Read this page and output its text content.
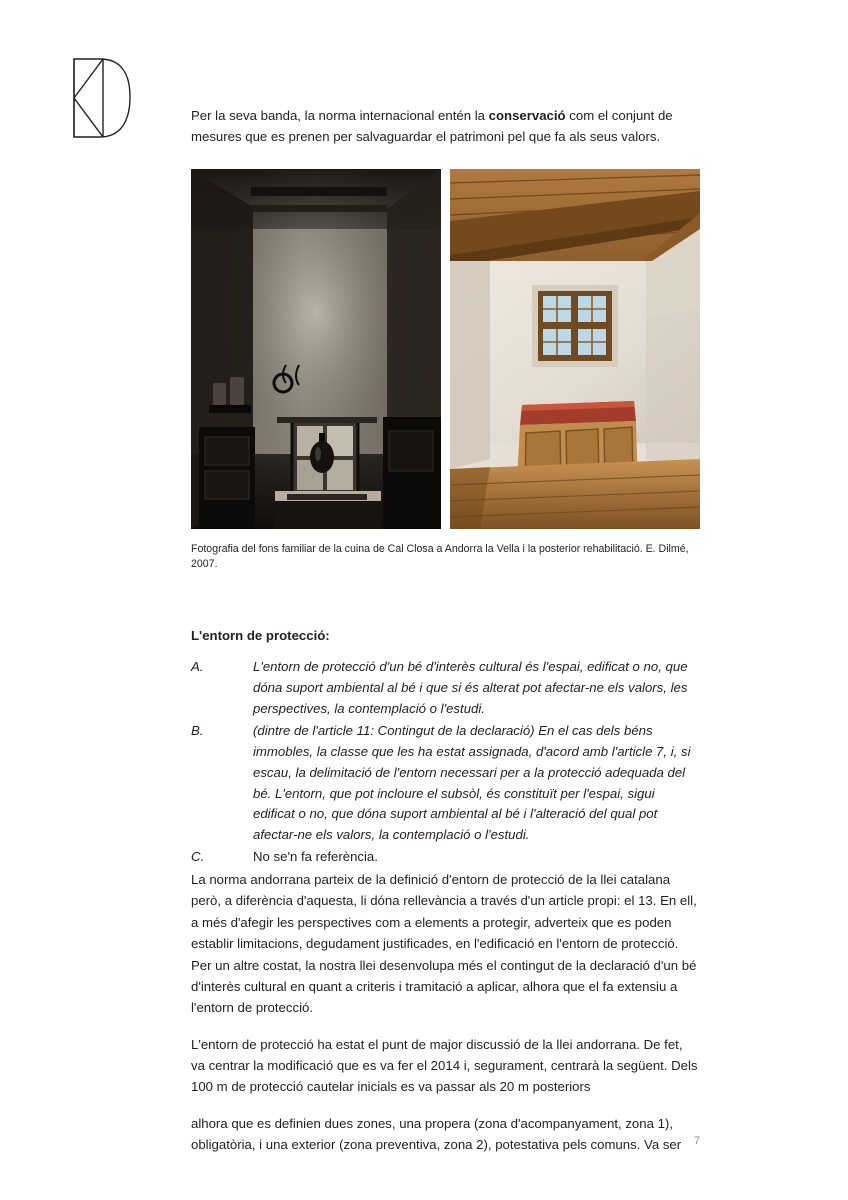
Per la seva banda, la norma internacional entén la conservació com el conjunt de mesures que es prenen per salvaguardar el patrimoni pel que fa als seus valors.

Fotografia del fons familiar de la cuina de Cal Closa a Andorra la Vella i la posterior rehabilitació. E. Dilmé, 2007.
L'entorn de protecció:
A.	L'entorn de protecció d'un bé d'interès cultural és l'espai, edificat o no, que dóna suport ambiental al bé i que si és alterat pot afectar-ne els valors, les perspectives, la contemplació o l'estudi.
B.	(dintre de l'article 11: Contingut de la declaració) En el cas dels béns immobles, la classe que les ha estat assignada, d'acord amb l'article 7, i, si escau, la delimitació de l'entorn necessari per a la protecció adequada del bé. L'entorn, que pot incloure el subsòl, és constituït per l'espai, sigui edificat o no, que dóna suport ambiental al bé i l'alteració del qual pot afectar-ne els valors, la contemplació o l'estudi.
C.	No se'n fa referència.

La norma andorrana parteix de la definició d'entorn de protecció de la llei catalana però, a diferència d'aquesta, li dóna rellevància a través d'un article propi: el 13. En ell, a més d'afegir les perspectives com a elements a protegir, adverteix que es poden establir limitacions, degudament justificades, en l'edificació en l'entorn de protecció. Per un altre costat, la nostra llei desenvolupa més el contingut de la declaració d'un bé d'interès cultural en quant a criteris i tramitació a aplicar, alhora que el fa extensiu a l'entorn de protecció.

L'entorn de protecció ha estat el punt de major discussió de la llei andorrana. De fet, va centrar la modificació que es va fer el 2014 i, segurament, centrarà la següent. Dels 100 m de protecció cautelar inicials es va passar als 20 m posteriors

alhora que es definien dues zones, una propera (zona d'acompanyament, zona 1), obligatòria, i una exterior (zona preventiva, zona 2), potestativa pels comuns. Va ser	7
